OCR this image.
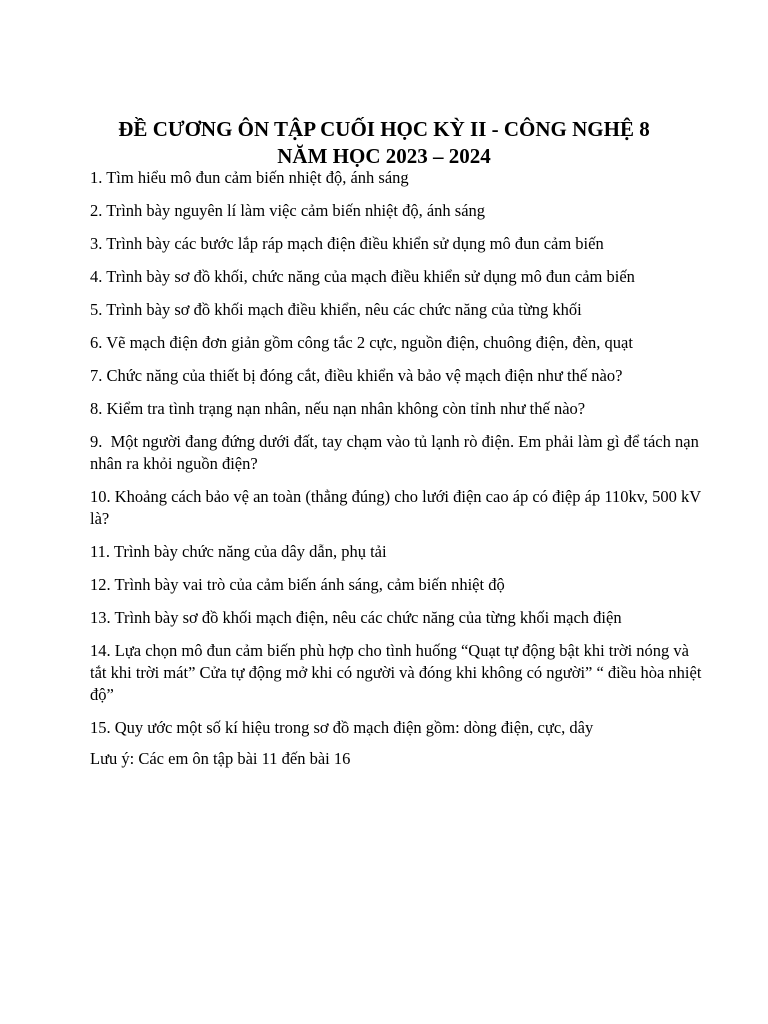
ĐỀ CƯƠNG ÔN TẬP CUỐI HỌC KỲ II - CÔNG NGHỆ 8
NĂM HỌC 2023 – 2024
1. Tìm hiểu mô đun cảm biến nhiệt độ, ánh sáng
2. Trình bày nguyên lí làm việc cảm biến nhiệt độ, ánh sáng
3. Trình bày các bước lắp ráp mạch điện điều khiển sử dụng mô đun cảm biến
4. Trình bày sơ đồ khối, chức năng của mạch điều khiển sử dụng mô đun cảm biến
5. Trình bày sơ đồ khối mạch điều khiển, nêu các chức năng của từng khối
6. Vẽ mạch điện đơn giản gồm công tắc 2 cực, nguồn điện, chuông điện, đèn, quạt
7. Chức năng của thiết bị đóng cắt, điều khiển và bảo vệ mạch điện như thế nào?
8. Kiểm tra tình trạng nạn nhân, nếu nạn nhân không còn tỉnh như thế nào?
9.  Một người đang đứng dưới đất, tay chạm vào tủ lạnh rò điện. Em phải làm gì để tách nạn nhân ra khỏi nguồn điện?
10. Khoảng cách bảo vệ an toàn (thẳng đúng) cho lưới điện cao áp có điệp áp 110kv, 500 kV là?
11. Trình bày chức năng của dây dẫn, phụ tải
12. Trình bày vai trò của cảm biến ánh sáng, cảm biến nhiệt độ
13. Trình bày sơ đồ khối mạch điện, nêu các chức năng của từng khối mạch điện
14. Lựa chọn mô đun cảm biến phù hợp cho tình huống “Quạt tự động bật khi trời nóng và tắt khi trời mát” Cửa tự động mở khi có người và đóng khi không có người” “ điều hòa nhiệt độ”
15. Quy ước một số kí hiệu trong sơ đồ mạch điện gồm: dòng điện, cực, dây

Lưu ý: Các em ôn tập bài 11 đến bài 16
